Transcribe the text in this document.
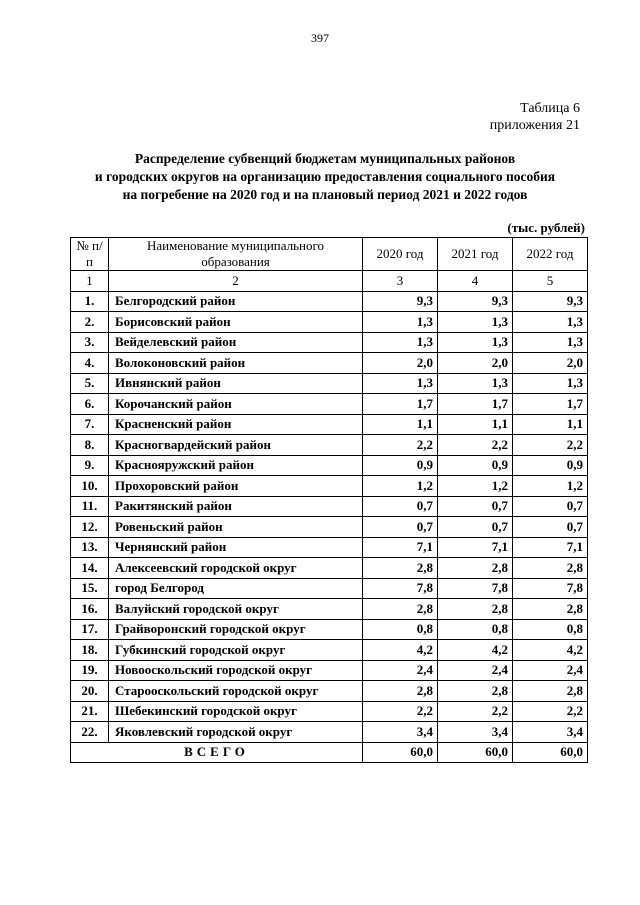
397
Таблица 6
приложения 21
Распределение субвенций бюджетам муниципальных районов
и городских округов на организацию предоставления социального пособия
на погребение на 2020 год и на плановый период 2021 и 2022 годов
(тыс. рублей)
№ п/п	Наименование муниципального образования	2020 год	2021 год	2022 год
1	2	3	4	5
1.	Белгородский район	9,3	9,3	9,3
2.	Борисовский район	1,3	1,3	1,3
3.	Вейделевский район	1,3	1,3	1,3
4.	Волоконовский район	2,0	2,0	2,0
5.	Ивнянский район	1,3	1,3	1,3
6.	Корочанский район	1,7	1,7	1,7
7.	Красненский район	1,1	1,1	1,1
8.	Красногвардейский район	2,2	2,2	2,2
9.	Краснояружский район	0,9	0,9	0,9
10.	Прохоровский район	1,2	1,2	1,2
11.	Ракитянский район	0,7	0,7	0,7
12.	Ровеньский район	0,7	0,7	0,7
13.	Чернянский район	7,1	7,1	7,1
14.	Алексеевский городской округ	2,8	2,8	2,8
15.	город Белгород	7,8	7,8	7,8
16.	Валуйский городской округ	2,8	2,8	2,8
17.	Грайворонский городской округ	0,8	0,8	0,8
18.	Губкинский городской округ	4,2	4,2	4,2
19.	Новооскольский городской округ	2,4	2,4	2,4
20.	Старооскольский городской округ	2,8	2,8	2,8
21.	Шебекинский городской округ	2,2	2,2	2,2
22.	Яковлевский городской округ	3,4	3,4	3,4
ВСЕГО		60,0	60,0	60,0
